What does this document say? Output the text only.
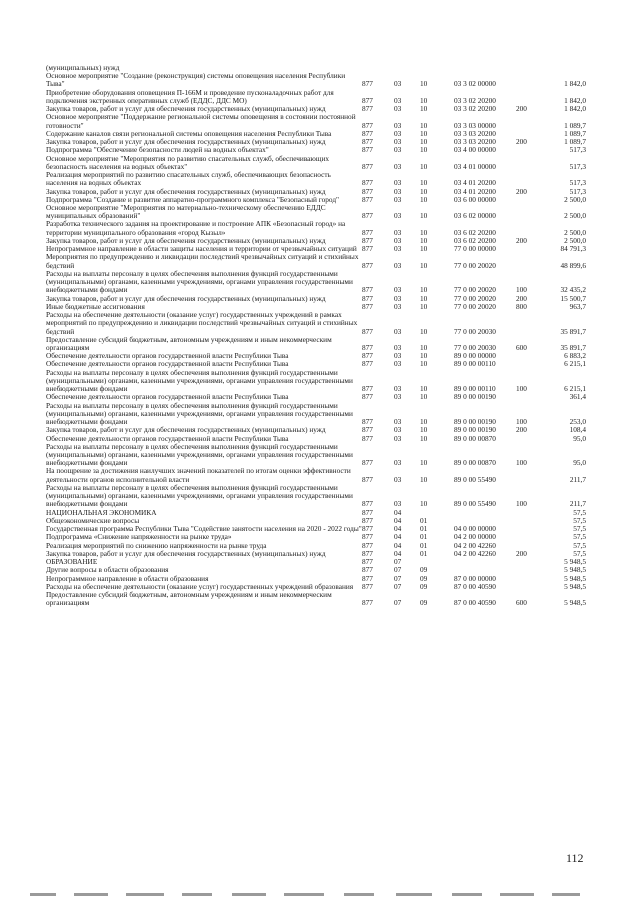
(муниципальных) нужд						
Основное мероприятие "Создание (реконструкция) системы оповещения населения Республики Тыва"	877	03	10	03 3 02 00000		1 842,0
Приобретение оборудования оповещения П-166М и проведение пусконаладочных работ для подключения экстренных оперативных служб (ЕДДС, ДДС МО)	877	03	10	03 3 02 20200		1 842,0
Закупка товаров, работ и услуг для обеспечения государственных (муниципальных) нужд	877	03	10	03 3 02 20200	200	1 842,0
Основное мероприятие "Поддержание региональной системы оповещения в состоянии постоянной готовности"	877	03	10	03 3 03 00000		1 089,7
Содержание каналов связи региональной системы оповещения населения Республики Тыва	877	03	10	03 3 03 20200		1 089,7
Закупка товаров, работ и услуг для обеспечения государственных (муниципальных) нужд	877	03	10	03 3 03 20200	200	1 089,7
Подпрограмма "Обеспечение безопасности людей на водных объектах"	877	03	10	03 4 00 00000		517,3
Основное мероприятие "Мероприятия по развитию спасательных служб, обеспечивающих безопасность населения на водных объектах"	877	03	10	03 4 01 00000		517,3
Реализация мероприятий по развитию спасательных служб, обеспечивающих безопасность населения на водных объектах	877	03	10	03 4 01 20200		517,3
Закупка товаров, работ и услуг для обеспечения государственных (муниципальных) нужд	877	03	10	03 4 01 20200	200	517,3
Подпрограмма "Создание и развитие аппаратно-программного комплекса "Безопасный город"	877	03	10	03 6 00 00000		2 500,0
Основное мероприятие "Мероприятия по материально-техническому обеспечению ЕДДС муниципальных образований"	877	03	10	03 6 02 00000		2 500,0
Разработка технического задания на проектирование и построение АПК «Безопасный город» на территории муниципального образования «город Кызыл»	877	03	10	03 6 02 20200		2 500,0
Закупка товаров, работ и услуг для обеспечения государственных (муниципальных) нужд	877	03	10	03 6 02 20200	200	2 500,0
Непрограммное направление в области защиты населения и территории от чрезвычайных ситуаций	877	03	10	77 0 00 00000		84 791,3
Мероприятия по предупреждению и ликвидации последствий чрезвычайных ситуаций и стихийных бедствий	877	03	10	77 0 00 20020		48 899,6
Расходы на выплаты персоналу в целях обеспечения выполнения функций государственными (муниципальными) органами, казенными учреждениями, органами управления государственными внебюджетными фондами	877	03	10	77 0 00 20020	100	32 435,2
Закупка товаров, работ и услуг для обеспечения государственных (муниципальных) нужд	877	03	10	77 0 00 20020	200	15 500,7
Иные бюджетные ассигнования	877	03	10	77 0 00 20020	800	963,7
Расходы на обеспечение деятельности (оказание услуг) государственных учреждений в рамках мероприятий по предупреждению и ликвидации последствий чрезвычайных ситуаций и стихийных бедствий	877	03	10	77 0 00 20030		35 891,7
Предоставление субсидий бюджетным, автономным учреждениям и иным некоммерческим организациям	877	03	10	77 0 00 20030	600	35 891,7
Обеспечение деятельности органов государственной власти Республики Тыва	877	03	10	89 0 00 00000		6 883,2
Обеспечение деятельности органов государственной власти Республики Тыва	877	03	10	89 0 00 00110		6 215,1
Расходы на выплаты персоналу в целях обеспечения выполнения функций государственными (муниципальными) органами, казенными учреждениями, органами управления государственными внебюджетными фондами	877	03	10	89 0 00 00110	100	6 215,1
Обеспечение деятельности органов государственной власти Республики Тыва	877	03	10	89 0 00 00190		361,4
Расходы на выплаты персоналу в целях обеспечения выполнения функций государственными (муниципальными) органами, казенными учреждениями, органами управления государственными внебюджетными фондами	877	03	10	89 0 00 00190	100	253,0
Закупка товаров, работ и услуг для обеспечения государственных (муниципальных) нужд	877	03	10	89 0 00 00190	200	108,4
Обеспечение деятельности органов государственной власти Республики Тыва	877	03	10	89 0 00 00870		95,0
Расходы на выплаты персоналу в целях обеспечения выполнения функций государственными (муниципальными) органами, казенными учреждениями, органами управления государственными внебюджетными фондами	877	03	10	89 0 00 00870	100	95,0
На поощрение за достижения наилучших значений показателей по итогам оценки эффективности деятельности органов исполнительной власти	877	03	10	89 0 00 55490		211,7
Расходы на выплаты персоналу в целях обеспечения выполнения функций государственными (муниципальными) органами, казенными учреждениями, органами управления государственными внебюджетными фондами	877	03	10	89 0 00 55490	100	211,7
НАЦИОНАЛЬНАЯ ЭКОНОМИКА	877	04				57,5
Общеэкономические вопросы	877	04	01			57,5
Государственная программа Республики Тыва "Содействие занятости населения на 2020 - 2022 годы"	877	04	01	04 0 00 00000		57,5
Подпрограмма «Снижение напряженности на рынке труда»	877	04	01	04 2 00 00000		57,5
Реализация мероприятий по снижению напряженности на рынке труда	877	04	01	04 2 00 42260		57,5
Закупка товаров, работ и услуг для обеспечения государственных (муниципальных) нужд	877	04	01	04 2 00 42260	200	57,5
ОБРАЗОВАНИЕ	877	07				5 948,5
Другие вопросы в области образования	877	07	09			5 948,5
Непрограммное направление в области образования	877	07	09	87 0 00 00000		5 948,5
Расходы на обеспечение деятельности (оказание услуг) государственных учреждений образования	877	07	09	87 0 00 40590		5 948,5
Предоставление субсидий бюджетным, автономным учреждениям и иным некоммерческим организациям	877	07	09	87 0 00 40590	600	5 948,5
112
